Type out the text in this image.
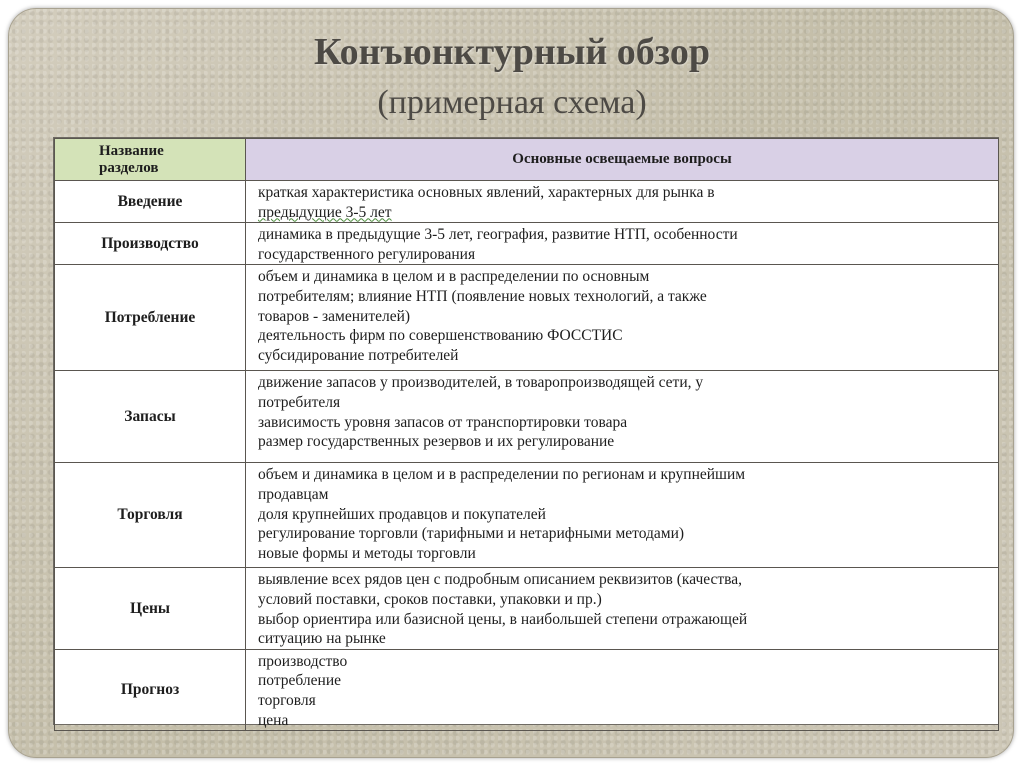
Конъюнктурный обзор
(примерная схема)
Название
разделов	Основные освещаемые вопросы
Введение	краткая характеристика основных явлений, характерных для рынка в
предыдущие 3-5 лет

Производство	динамика в предыдущие 3-5 лет, география, развитие НТП, особенности
государственного регулирования

Потребление	объем и динамика в целом и в распределении по основным
потребителям; влияние НТП (появление новых технологий, а также
товаров - заменителей)
деятельность фирм по совершенствованию ФОССТИС
субсидирование потребителей

Запасы	движение запасов у производителей, в товаропроизводящей сети, у
потребителя
зависимость уровня запасов от транспортировки товара
размер государственных резервов и их регулирование

Торговля	объем и динамика в целом и в распределении по регионам и крупнейшим
продавцам
доля крупнейших продавцов и покупателей
регулирование торговли (тарифными и нетарифными методами)
новые формы и методы торговли

Цены	выявление всех рядов цен с подробным описанием реквизитов (качества,
условий поставки, сроков поставки, упаковки и пр.)
выбор ориентира или базисной цены, в наибольшей степени отражающей
ситуацию на рынке

Прогноз	производство
потребление
торговля
цена
